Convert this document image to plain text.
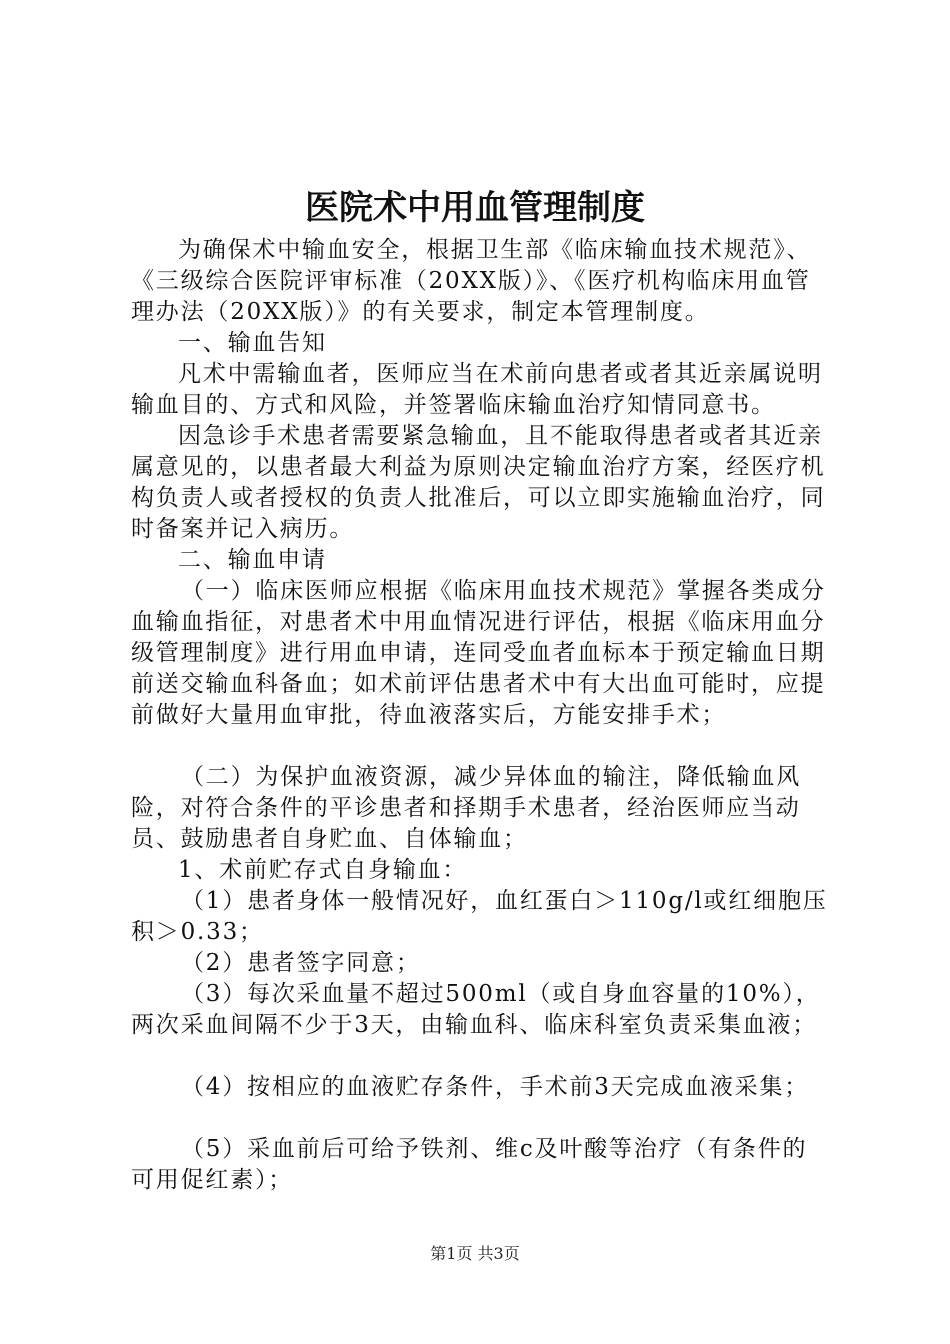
医院术中用血管理制度

为确保术中输血安全，根据卫生部《临床输血技术规范》、《三级综合医院评审标准（20XX版）》、《医疗机构临床用血管理办法（20XX版）》的有关要求，制定本管理制度。

一、输血告知

凡术中需输血者，医师应当在术前向患者或者其近亲属说明输血目的、方式和风险，并签署临床输血治疗知情同意书。

因急诊手术患者需要紧急输血，且不能取得患者或者其近亲属意见的，以患者最大利益为原则决定输血治疗方案，经医疗机构负责人或者授权的负责人批准后，可以立即实施输血治疗，同时备案并记入病历。

二、输血申请

（一）临床医师应根据《临床用血技术规范》掌握各类成分血输血指征，对患者术中用血情况进行评估，根据《临床用血分级管理制度》进行用血申请，连同受血者血标本于预定输血日期前送交输血科备血；如术前评估患者术中有大出血可能时，应提前做好大量用血审批，待血液落实后，方能安排手术；

（二）为保护血液资源，减少异体血的输注，降低输血风险，对符合条件的平诊患者和择期手术患者，经治医师应当动员、鼓励患者自身贮血、自体输血；

1、术前贮存式自身输血：

（1）患者身体一般情况好，血红蛋白＞110g/l或红细胞压积＞0.33；

（2）患者签字同意；

（3）每次采血量不超过500ml（或自身血容量的10%），两次采血间隔不少于3天，由输血科、临床科室负责采集血液；

（4）按相应的血液贮存条件，手术前3天完成血液采集；

（5）采血前后可给予铁剂、维c及叶酸等治疗（有条件的可用促红素）；

第1页 共3页
